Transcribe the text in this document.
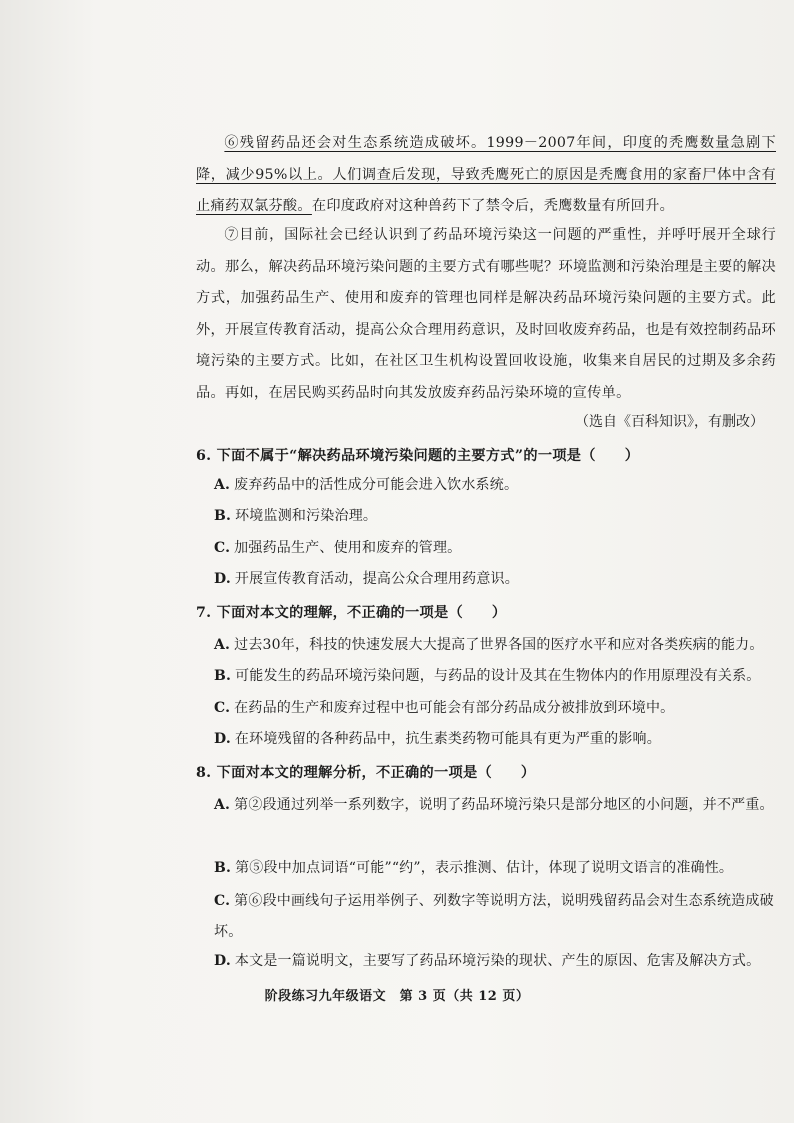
⑥残留药品还会对生态系统造成破坏。1999－2007年间，印度的秃鹰数量急剧下降，减少95%以上。人们调查后发现，导致秃鹰死亡的原因是秃鹰食用的家畜尸体中含有止痛药双氯芬酸。在印度政府对这种兽药下了禁令后，秃鹰数量有所回升。
⑦目前，国际社会已经认识到了药品环境污染这一问题的严重性，并呼吁展开全球行动。那么，解决药品环境污染问题的主要方式有哪些呢？环境监测和污染治理是主要的解决方式，加强药品生产、使用和废弃的管理也同样是解决药品环境污染问题的主要方式。此外，开展宣传教育活动，提高公众合理用药意识，及时回收废弃药品，也是有效控制药品环境污染的主要方式。比如，在社区卫生机构设置回收设施，收集来自居民的过期及多余药品。再如，在居民购买药品时向其发放废弃药品污染环境的宣传单。
（选自《百科知识》，有删改）
6. 下面不属于“解决药品环境污染问题的主要方式”的一项是（　　）
A. 废弃药品中的活性成分可能会进入饮水系统。
B. 环境监测和污染治理。
C. 加强药品生产、使用和废弃的管理。
D. 开展宣传教育活动，提高公众合理用药意识。
7. 下面对本文的理解，不正确的一项是（　　）
A. 过去30年，科技的快速发展大大提高了世界各国的医疗水平和应对各类疾病的能力。
B. 可能发生的药品环境污染问题，与药品的设计及其在生物体内的作用原理没有关系。
C. 在药品的生产和废弃过程中也可能会有部分药品成分被排放到环境中。
D. 在环境残留的各种药品中，抗生素类药物可能具有更为严重的影响。
8. 下面对本文的理解分析，不正确的一项是（　　）
A. 第②段通过列举一系列数字，说明了药品环境污染只是部分地区的小问题，并不严重。
B. 第⑤段中加点词语“可能”“约”，表示推测、估计，体现了说明文语言的准确性。
C. 第⑥段中画线句子运用举例子、列数字等说明方法，说明残留药品会对生态系统造成破坏。
D. 本文是一篇说明文，主要写了药品环境污染的现状、产生的原因、危害及解决方式。
阶段练习九年级语文　第 3 页（共 12 页）
